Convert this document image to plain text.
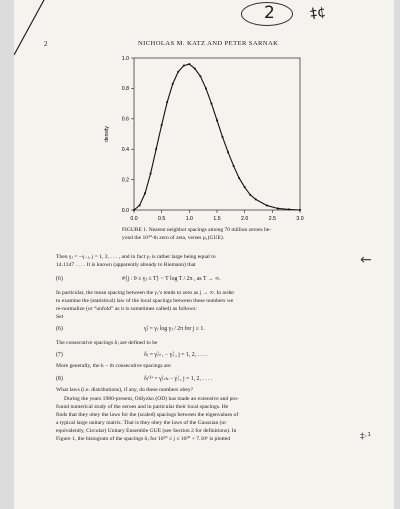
2 ‡¢
2	NICHOLAS M. KATZ AND PETER SARNAK
0.0	0.5	1.0	1.5	2.0	2.5	3.0
0.0
0.2
0.4
0.6
0.8
1.0
density
FIGURE 1. Nearest neighbor spacings among 70 million zeroes be-
yond the 10²⁰-th zero of zeta, verses μ₁(GUE).
Then γⱼ = −γ₋ⱼ, j = 1, 2, . . . , and in fact γⱼ is rather large being equal to
14.1347 . . . . It is known (apparently already to Riemann) that
(6)	#{j : 0 ≤ γⱼ ≤ T} ~ T log T / 2π , as T → ∞.
In particular, the mean spacing between the γⱼ’s tends to zero as j → ∞. In order
to examine the (statistical) law of the local spacings between these numbers we
re-normalize (or “unfold” as it is sometimes called) as follows:
Set
(6)	γ̃ⱼ = γⱼ log γⱼ / 2π for j ≥ 1.
The consecutive spacings δⱼ are defined to be
(7)	δⱼ = γ̃ⱼ₊₁ − γ̃ⱼ , j = 1, 2, . . . .
More generally, the k − th consecutive spacings are
(8)	δⱼ⁽ᵏ⁾ = γ̃ⱼ₊ₖ − γ̃ⱼ , j = 1, 2, . . . .
What laws (i.e. distributions), if any, do these numbers obey?
During the years 1980-present, Odlyzko (OD) has made an extensive and pro-
found numerical study of the zeroes and in particular their local spacings. He
finds that they obey the laws for the (scaled) spacings between the eigenvalues of
a typical large unitary matrix. That is they obey the laws of the Gaussian (or
equivalently, Circular) Unitary Ensemble GUE (see Section 2 for definitions). In
Figure 1, the histogram of the spacings δⱼ for 10²⁰ ≤ j ≤ 10²⁰ + 7.10⁶ is plotted
←
‡·¹
